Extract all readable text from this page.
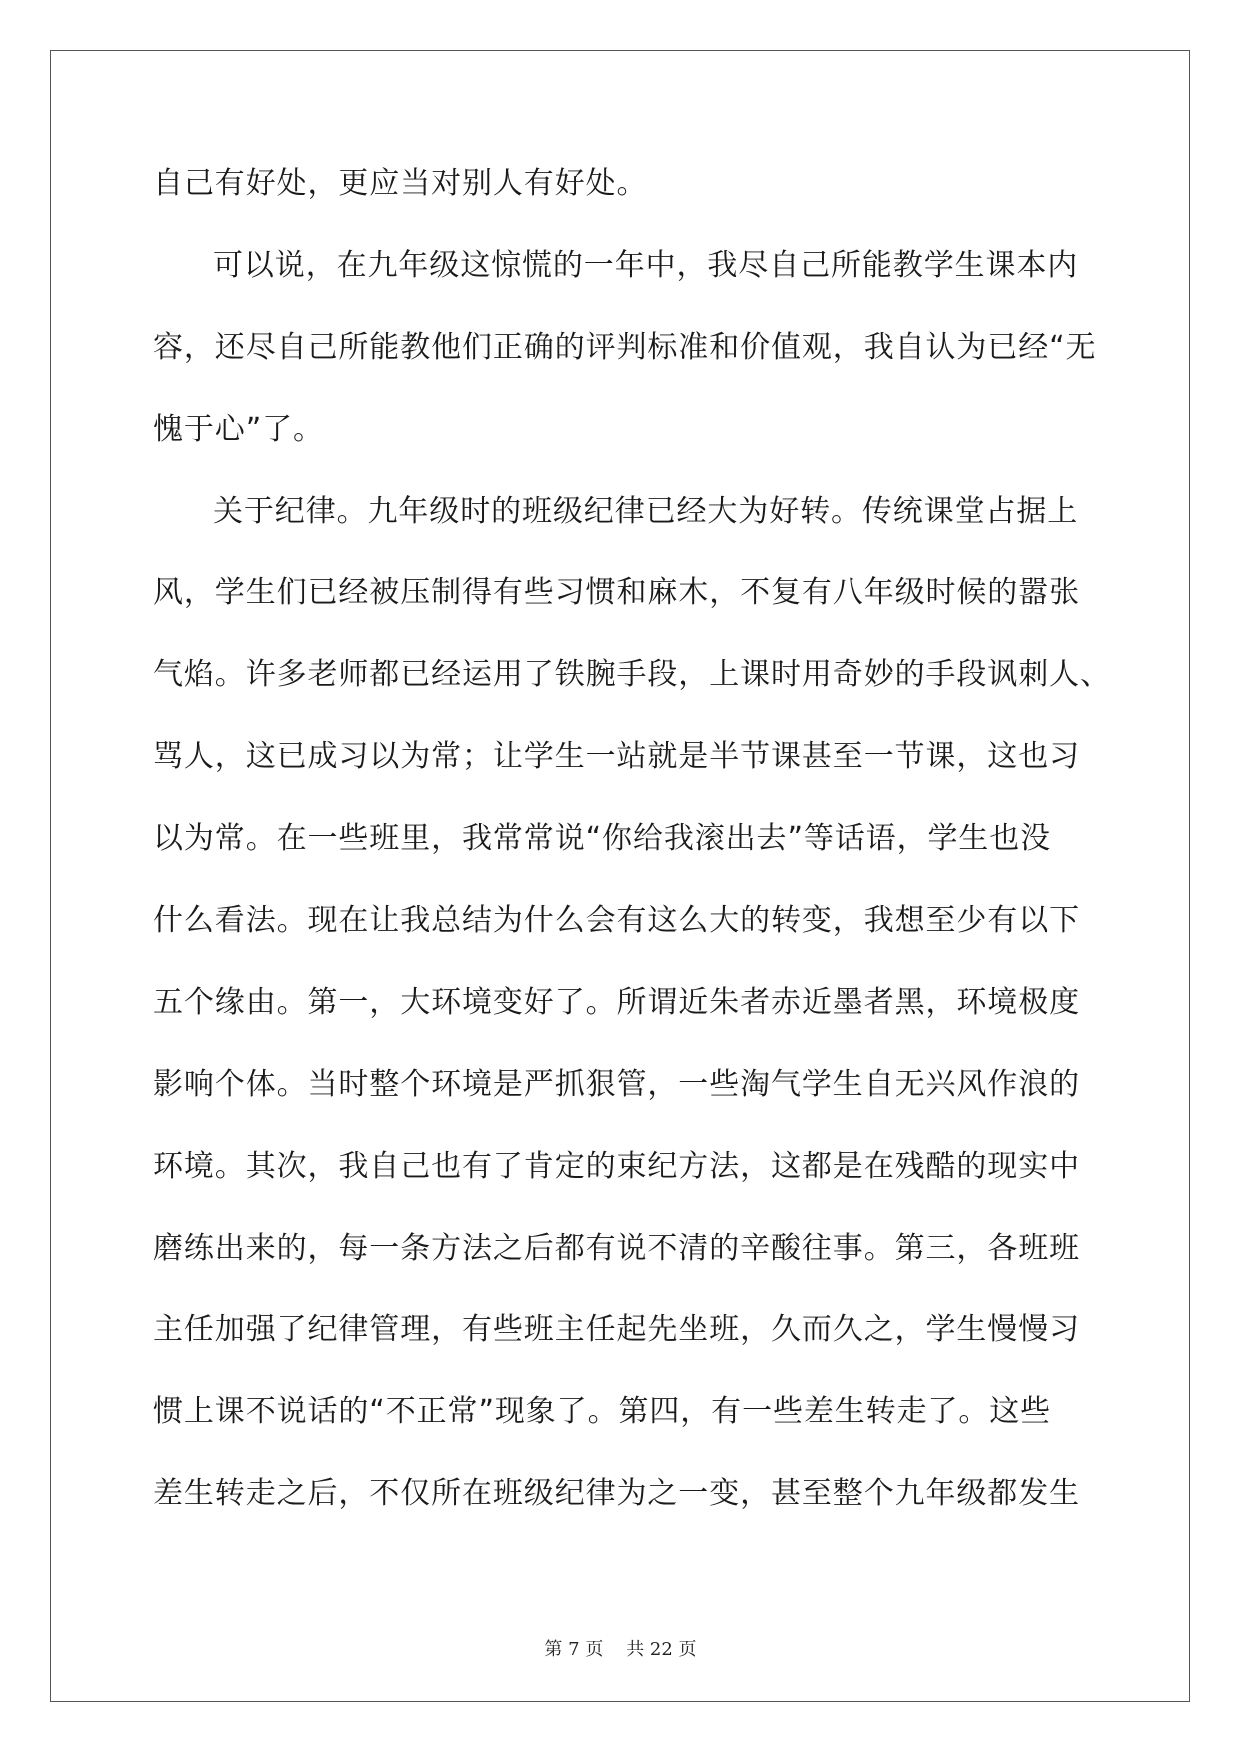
自己有好处，更应当对别人有好处。
可以说，在九年级这惊慌的一年中，我尽自己所能教学生课本内
容，还尽自己所能教他们正确的评判标准和价值观，我自认为已经“无
愧于心”了。
关于纪律。九年级时的班级纪律已经大为好转。传统课堂占据上
风，学生们已经被压制得有些习惯和麻木，不复有八年级时候的嚣张
气焰。许多老师都已经运用了铁腕手段，上课时用奇妙的手段讽刺人、
骂人，这已成习以为常；让学生一站就是半节课甚至一节课，这也习
以为常。在一些班里，我常常说“你给我滚出去”等话语，学生也没
什么看法。现在让我总结为什么会有这么大的转变，我想至少有以下
五个缘由。第一，大环境变好了。所谓近朱者赤近墨者黑，环境极度
影响个体。当时整个环境是严抓狠管，一些淘气学生自无兴风作浪的
环境。其次，我自己也有了肯定的束纪方法，这都是在残酷的现实中
磨练出来的，每一条方法之后都有说不清的辛酸往事。第三，各班班
主任加强了纪律管理，有些班主任起先坐班，久而久之，学生慢慢习
惯上课不说话的“不正常”现象了。第四，有一些差生转走了。这些
差生转走之后，不仅所在班级纪律为之一变，甚至整个九年级都发生
第 7 页    共 22 页
